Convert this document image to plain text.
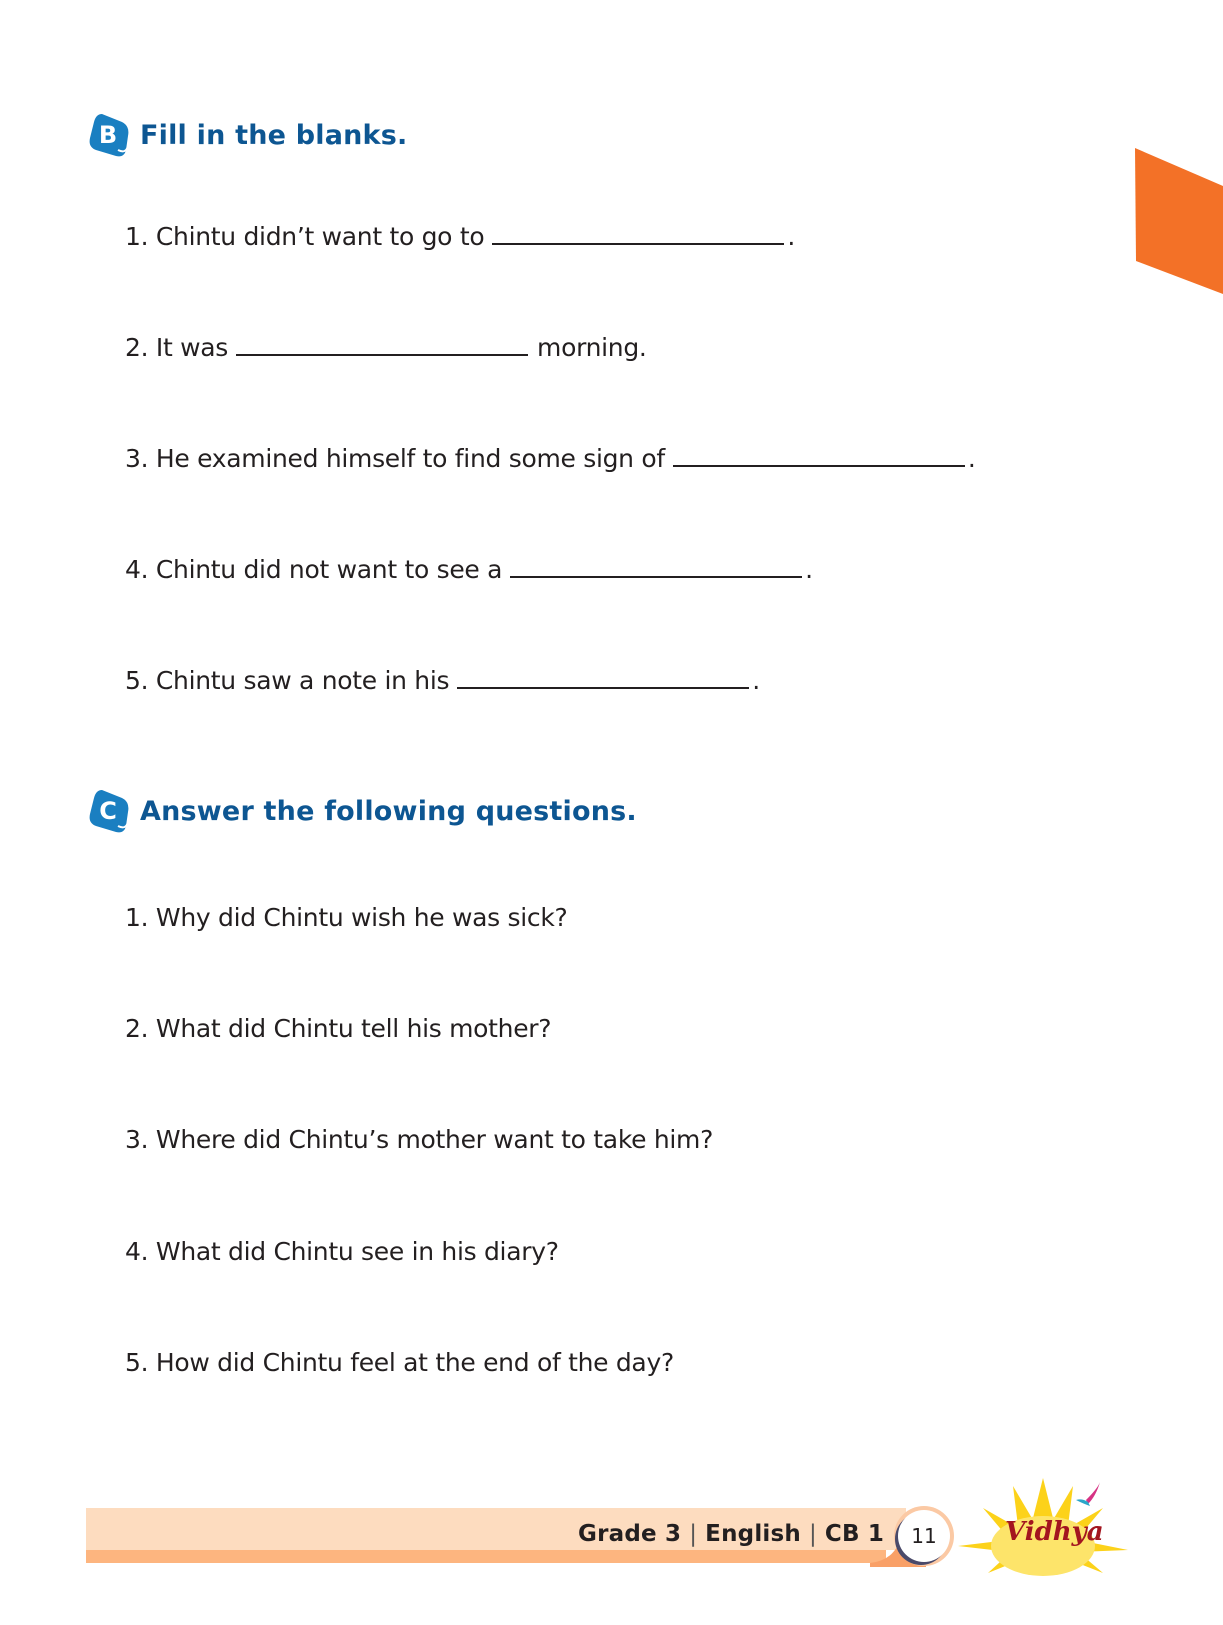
B Fill in the blanks.
1. Chintu didn’t want to go to	.
2. It was	morning.
3. He examined himself to find some sign of	.
4. Chintu did not want to see a	.
5. Chintu saw a note in his	.
C Answer the following questions.
1. Why did Chintu wish he was sick?
2. What did Chintu tell his mother?
3. Where did Chintu’s mother want to take him?
4. What did Chintu see in his diary?
5. How did Chintu feel at the end of the day?
Grade 3 | English | CB 1	11	Vidhya
